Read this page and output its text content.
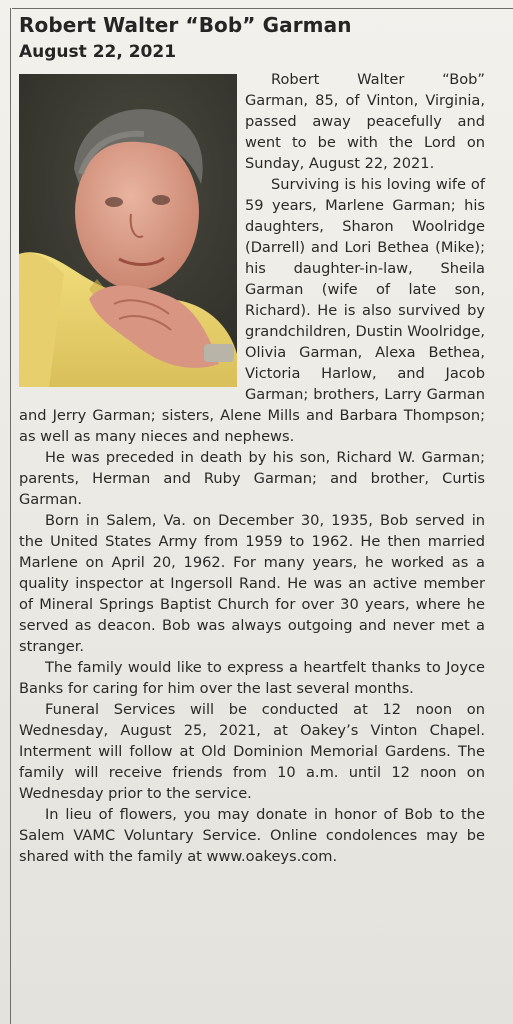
Robert Walter “Bob” Garman
August 22, 2021

Robert Walter “Bob” Garman, 85, of Vinton, Virginia, passed away peacefully and went to be with the Lord on Sunday, August 22, 2021.

Surviving is his loving wife of 59 years, Marlene Garman; his daughters, Sharon Woolridge (Darrell) and Lori Bethea (Mike); his daughter-in-law, Sheila Garman (wife of late son, Richard). He is also survived by grandchildren, Dustin Woolridge, Olivia Garman, Alexa Bethea, Victoria Harlow, and Jacob Garman; brothers, Larry Garman and Jerry Garman; sisters, Alene Mills and Barbara Thompson; as well as many nieces and nephews.

He was preceded in death by his son, Richard W. Garman; parents, Herman and Ruby Garman; and brother, Curtis Garman.

Born in Salem, Va. on December 30, 1935, Bob served in the United States Army from 1959 to 1962. He then married Marlene on April 20, 1962. For many years, he worked as a quality inspector at Ingersoll Rand. He was an active member of Mineral Springs Baptist Church for over 30 years, where he served as deacon. Bob was always outgoing and never met a stranger.

The family would like to express a heartfelt thanks to Joyce Banks for caring for him over the last several months.

Funeral Services will be conducted at 12 noon on Wednesday, August 25, 2021, at Oakey’s Vinton Chapel. Interment will follow at Old Dominion Memorial Gardens. The family will receive friends from 10 a.m. until 12 noon on Wednesday prior to the service.

In lieu of flowers, you may donate in honor of Bob to the Salem VAMC Voluntary Service. Online condolences may be shared with the family at www.oakeys.com.
